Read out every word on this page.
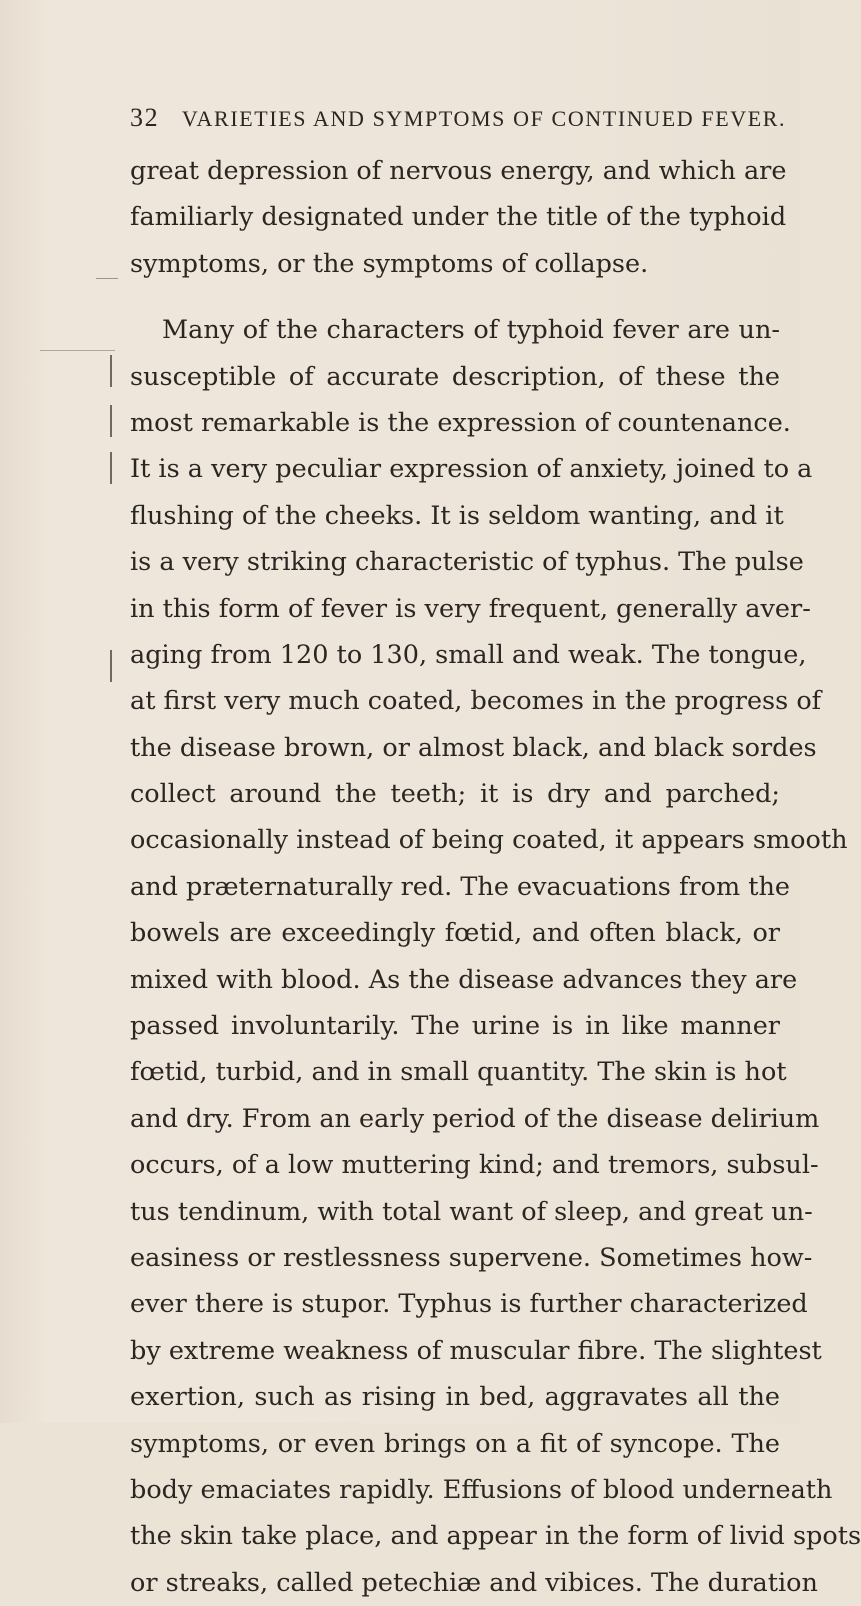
32 VARIETIES AND SYMPTOMS OF CONTINUED FEVER.
great depression of nervous energy, and which are
familiarly designated under the title of the typhoid
symptoms, or the symptoms of collapse.
Many of the characters of typhoid fever are un-
susceptible of accurate description, of these the
most remarkable is the expression of countenance.
It is a very peculiar expression of anxiety, joined to a
flushing of the cheeks. It is seldom wanting, and it
is a very striking characteristic of typhus. The pulse
in this form of fever is very frequent, generally aver-
aging from 120 to 130, small and weak. The tongue,
at first very much coated, becomes in the progress of
the disease brown, or almost black, and black sordes
collect around the teeth; it is dry and parched;
occasionally instead of being coated, it appears smooth
and præternaturally red. The evacuations from the
bowels are exceedingly fœtid, and often black, or
mixed with blood. As the disease advances they are
passed involuntarily. The urine is in like manner
fœtid, turbid, and in small quantity. The skin is hot
and dry. From an early period of the disease delirium
occurs, of a low muttering kind; and tremors, subsul-
tus tendinum, with total want of sleep, and great un-
easiness or restlessness supervene. Sometimes how-
ever there is stupor. Typhus is further characterized
by extreme weakness of muscular fibre. The slightest
exertion, such as rising in bed, aggravates all the
symptoms, or even brings on a fit of syncope. The
body emaciates rapidly. Effusions of blood underneath
the skin take place, and appear in the form of livid spots
or streaks, called petechiæ and vibices. The duration
